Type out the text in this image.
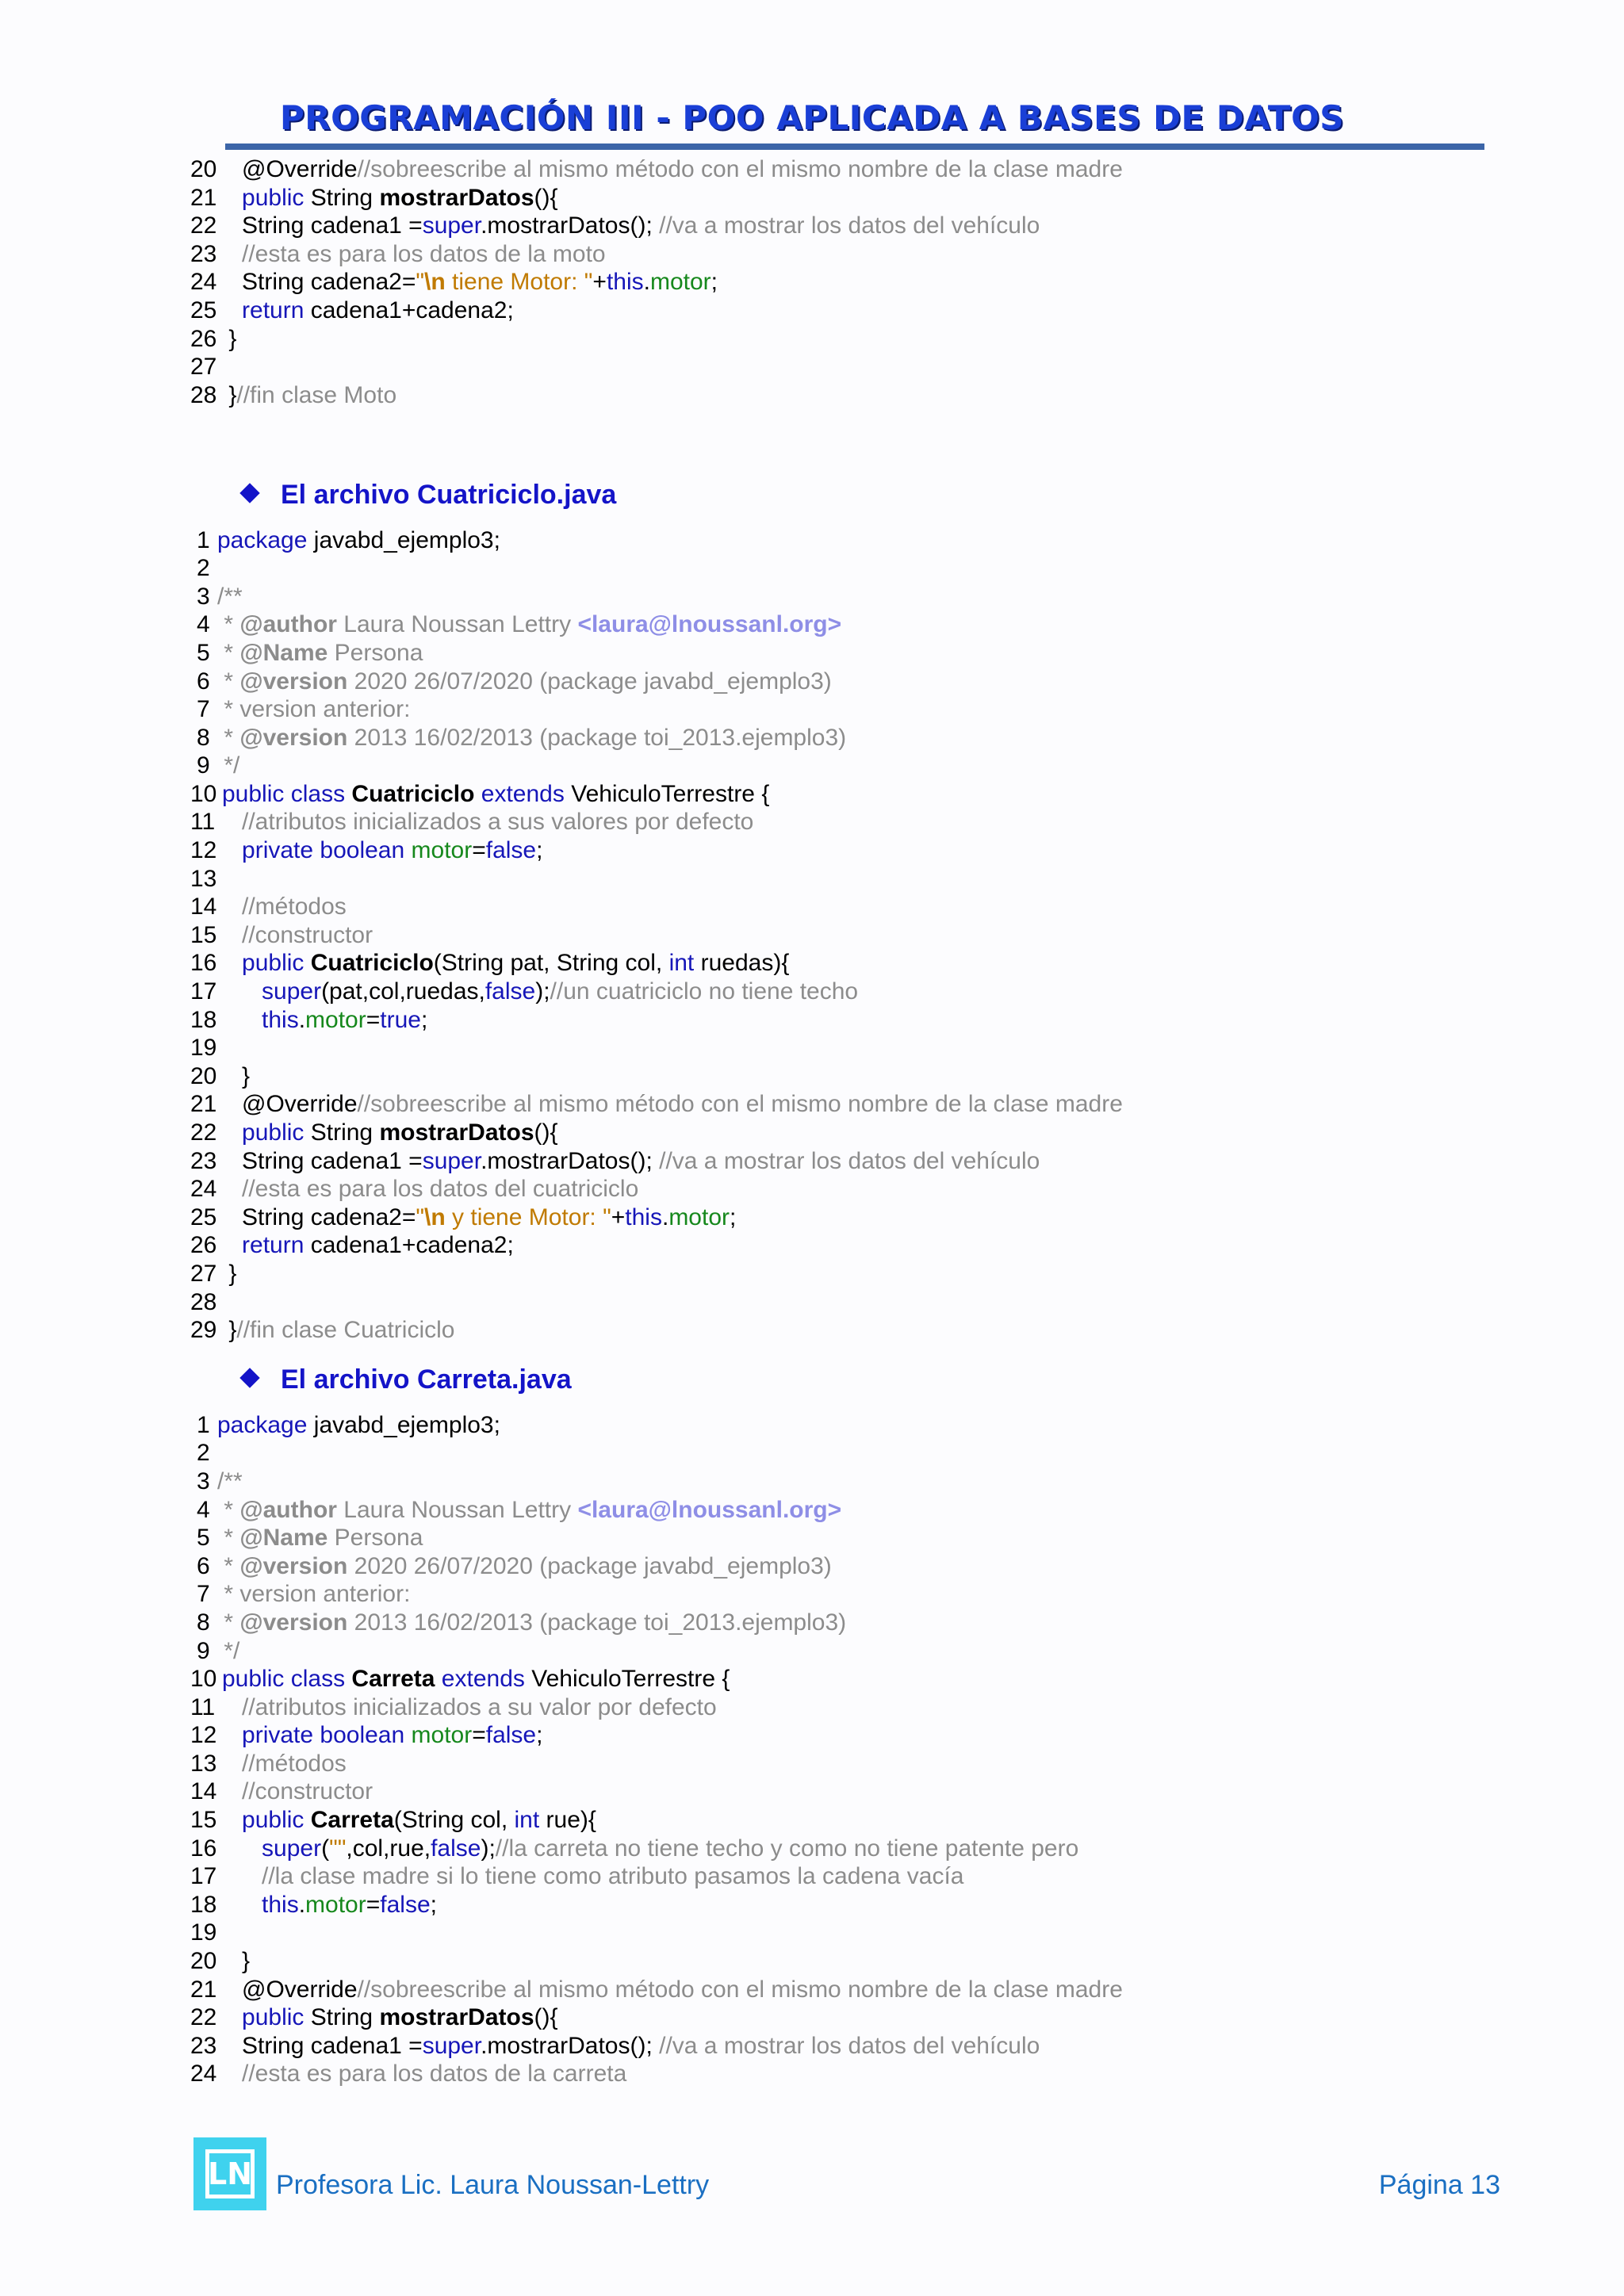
PROGRAMACIÓN III - POO APLICADA A BASES DE DATOS
20 @Override//sobreescribe al mismo método con el mismo nombre de la clase madre
21 public String mostrarDatos(){
22 String cadena1 =super.mostrarDatos(); //va a mostrar los datos del vehículo
23 //esta es para los datos de la moto
24 String cadena2="\n tiene Motor: "+this.motor;
25 return cadena1+cadena2;
26 }
27
28 }//fin clase Moto
El archivo Cuatriciclo.java
1 package javabd_ejemplo3;
2
3 /**
4 * @author Laura Noussan Lettry <laura@lnoussanl.org>
5 * @Name Persona
6 * @version 2020 26/07/2020 (package javabd_ejemplo3)
7 * version anterior:
8 * @version 2013 16/02/2013 (package toi_2013.ejemplo3)
9 */
10 public class Cuatriciclo extends VehiculoTerrestre {
11 //atributos inicializados a sus valores por defecto
12 private boolean motor=false;
13
14 //métodos
15 //constructor
16 public Cuatriciclo(String pat, String col, int ruedas){
17 super(pat,col,ruedas,false);//un cuatriciclo no tiene techo
18 this.motor=true;
19
20 }
21 @Override//sobreescribe al mismo método con el mismo nombre de la clase madre
22 public String mostrarDatos(){
23 String cadena1 =super.mostrarDatos(); //va a mostrar los datos del vehículo
24 //esta es para los datos del cuatriciclo
25 String cadena2="\n y tiene Motor: "+this.motor;
26 return cadena1+cadena2;
27 }
28
29 }//fin clase Cuatriciclo
El archivo Carreta.java
1 package javabd_ejemplo3;
2
3 /**
4 * @author Laura Noussan Lettry <laura@lnoussanl.org>
5 * @Name Persona
6 * @version 2020 26/07/2020 (package javabd_ejemplo3)
7 * version anterior:
8 * @version 2013 16/02/2013 (package toi_2013.ejemplo3)
9 */
10 public class Carreta extends VehiculoTerrestre {
11 //atributos inicializados a su valor por defecto
12 private boolean motor=false;
13 //métodos
14 //constructor
15 public Carreta(String col, int rue){
16 super("",col,rue,false);//la carreta no tiene techo y como no tiene patente pero
17 //la clase madre si lo tiene como atributo pasamos la cadena vacía
18 this.motor=false;
19
20 }
21 @Override//sobreescribe al mismo método con el mismo nombre de la clase madre
22 public String mostrarDatos(){
23 String cadena1 =super.mostrarDatos(); //va a mostrar los datos del vehículo
24 //esta es para los datos de la carreta
LN Profesora Lic. Laura Noussan-Lettry	Página 13
